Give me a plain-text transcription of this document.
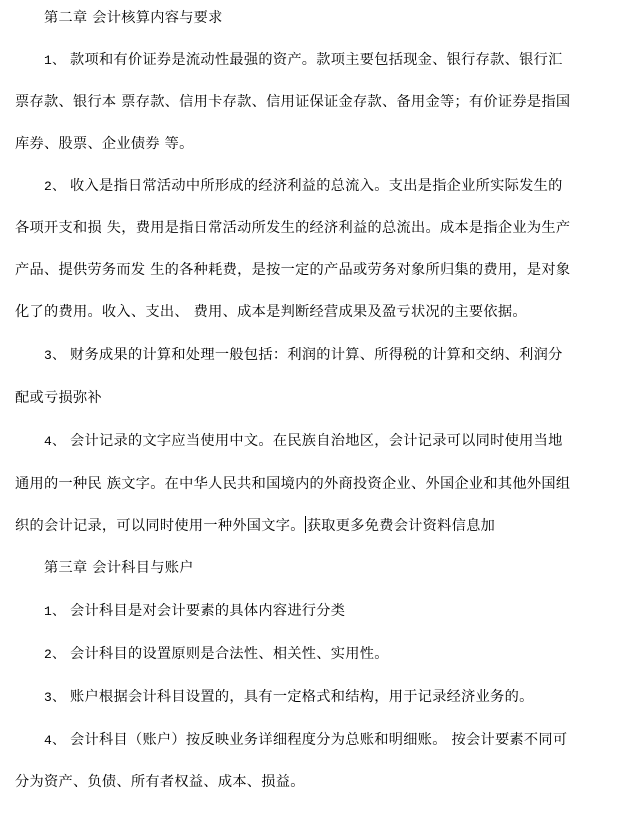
第二章 会计核算内容与要求
1、 款项和有价证券是流动性最强的资产。款项主要包括现金、银行存款、银行汇
票存款、银行本 票存款、信用卡存款、信用证保证金存款、备用金等；有价证券是指国
库券、股票、企业债券 等。
2、 收入是指日常活动中所形成的经济利益的总流入。支出是指企业所实际发生的
各项开支和损 失，费用是指日常活动所发生的经济利益的总流出。成本是指企业为生产
产品、提供劳务而发 生的各种耗费，是按一定的产品或劳务对象所归集的费用，是对象
化了的费用。收入、支出、 费用、成本是判断经营成果及盈亏状况的主要依据。
3、 财务成果的计算和处理一般包括：利润的计算、所得税的计算和交纳、利润分
配或亏损弥补
4、 会计记录的文字应当使用中文。在民族自治地区，会计记录可以同时使用当地
通用的一种民 族文字。在中华人民共和国境内的外商投资企业、外国企业和其他外国组
织的会计记录，可以同时使用一种外国文字。 获取更多免费会计资料信息加
第三章 会计科目与账户
1、 会计科目是对会计要素的具体内容进行分类
2、 会计科目的设置原则是合法性、相关性、实用性。
3、 账户根据会计科目设置的，具有一定格式和结构，用于记录经济业务的。
4、 会计科目（账户）按反映业务详细程度分为总账和明细账。 按会计要素不同可
分为资产、负债、所有者权益、成本、损益。
